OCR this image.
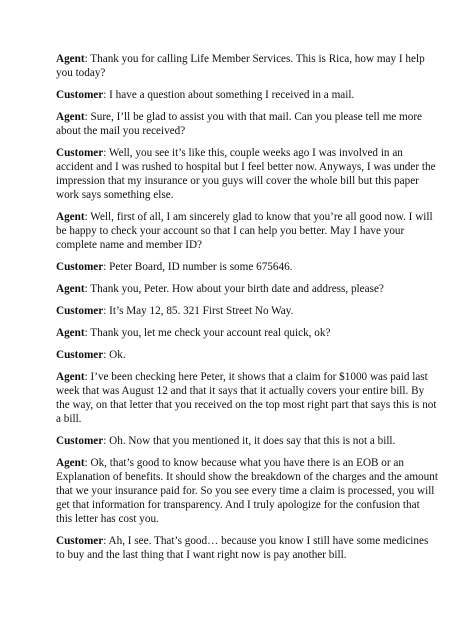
Agent: Thank you for calling Life Member Services. This is Rica, how may I help you today?

Customer: I have a question about something I received in a mail.

Agent: Sure, I’ll be glad to assist you with that mail. Can you please tell me more about the mail you received?

Customer: Well, you see it’s like this, couple weeks ago I was involved in an accident and I was rushed to hospital but I feel better now. Anyways, I was under the impression that my insurance or you guys will cover the whole bill but this paper work says something else.

Agent: Well, first of all, I am sincerely glad to know that you’re all good now. I will be happy to check your account so that I can help you better. May I have your complete name and member ID?

Customer: Peter Board, ID number is some 675646.

Agent: Thank you, Peter. How about your birth date and address, please?

Customer: It’s May 12, 85. 321 First Street No Way.

Agent: Thank you, let me check your account real quick, ok?

Customer: Ok.

Agent: I’ve been checking here Peter, it shows that a claim for $1000 was paid last week that was August 12 and that it says that it actually covers your entire bill. By the way, on that letter that you received on the top most right part that says this is not a bill.

Customer: Oh. Now that you mentioned it, it does say that this is not a bill.

Agent: Ok, that’s good to know because what you have there is an EOB or an Explanation of benefits. It should show the breakdown of the charges and the amount that we your insurance paid for. So you see every time a claim is processed, you will get that information for transparency. And I truly apologize for the confusion that this letter has cost you.

Customer: Ah, I see. That’s good… because you know I still have some medicines to buy and the last thing that I want right now is pay another bill.
